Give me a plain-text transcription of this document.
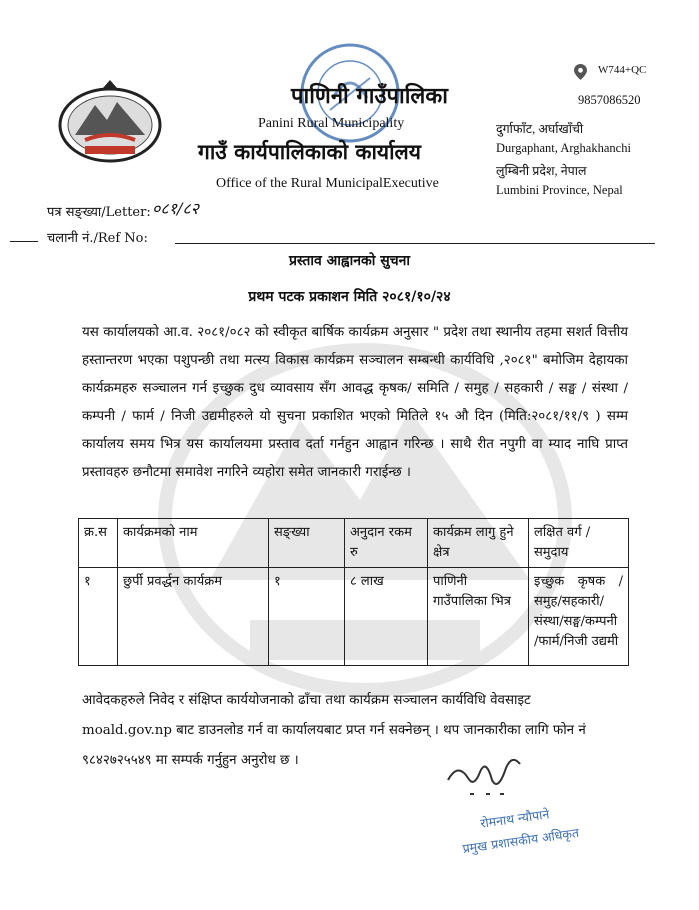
पाणिनी गाउँपालिका
Panini Rural Municipality
गाउँ कार्यपालिकाको कार्यालय
Office of the Rural MunicipalExecutive
W744+QC
9857086520
दुर्गाफाँट, अर्घाखाँची
Durgaphant, Arghakhanchi
लुम्बिनी प्रदेश, नेपाल
Lumbini Province, Nepal
पत्र सङ्ख्या/Letter: ०८१/८२
चलानी नं./Ref No:
प्रस्ताव आह्वानको सुचना
प्रथम पटक प्रकाशन मिति २०८१/१०/२४
यस कार्यालयको आ.व. २०८१/०८२ को स्वीकृत बार्षिक कार्यक्रम अनुसार " प्रदेश तथा स्थानीय तहमा सशर्त वित्तीय हस्तान्तरण भएका पशुपन्छी तथा मत्स्य विकास कार्यक्रम सञ्चालन सम्बन्धी कार्यविधि ,२०८१" बमोजिम देहायका कार्यक्रमहरु सञ्चालन गर्न इच्छुक दुध व्यावसाय सँग आवद्ध कृषक/ समिति / समुह / सहकारी / सङ्घ / संस्था / कम्पनी / फार्म / निजी उद्यमीहरुले यो सुचना प्रकाशित भएको मितिले १५ औ दिन (मिति:२०८१/११/९ ) सम्म कार्यालय समय भित्र यस कार्यालयमा प्रस्ताव दर्ता गर्नहुन आह्वान गरिन्छ । साथै रीत नपुगी वा म्याद नाघि प्राप्त प्रस्तावहरु छनौटमा समावेश नगरिने व्यहोरा समेत जानकारी गराईन्छ ।
क्र.स	कार्यक्रमको नाम	सङ्ख्या	अनुदान रकम रु	कार्यक्रम लागु हुने क्षेत्र	लक्षित वर्ग / समुदाय
१	छुर्पी प्रवर्द्धन कार्यक्रम	१	८ लाख	पाणिनी गाउँपालिका भित्र	इच्छुक कृषक /समुह/सहकारी/ संस्था/सङ्घ/कम्पनी /फार्म/निजी उद्यमी
आवेदकहरुले निवेद र संक्षिप्त कार्ययोजनाको ढाँचा तथा कार्यक्रम सञ्चालन कार्यविधि वेवसाइट
moald.gov.np बाट डाउनलोड गर्न वा कार्यालयबाट प्रप्त गर्न सक्नेछन् । थप जानकारीका लागि फोन नं
९८४२७२५५४९ मा सम्पर्क गर्नुहुन अनुरोध छ ।
रोमनाथ न्यौपाने
प्रमुख प्रशासकीय अधिकृत
